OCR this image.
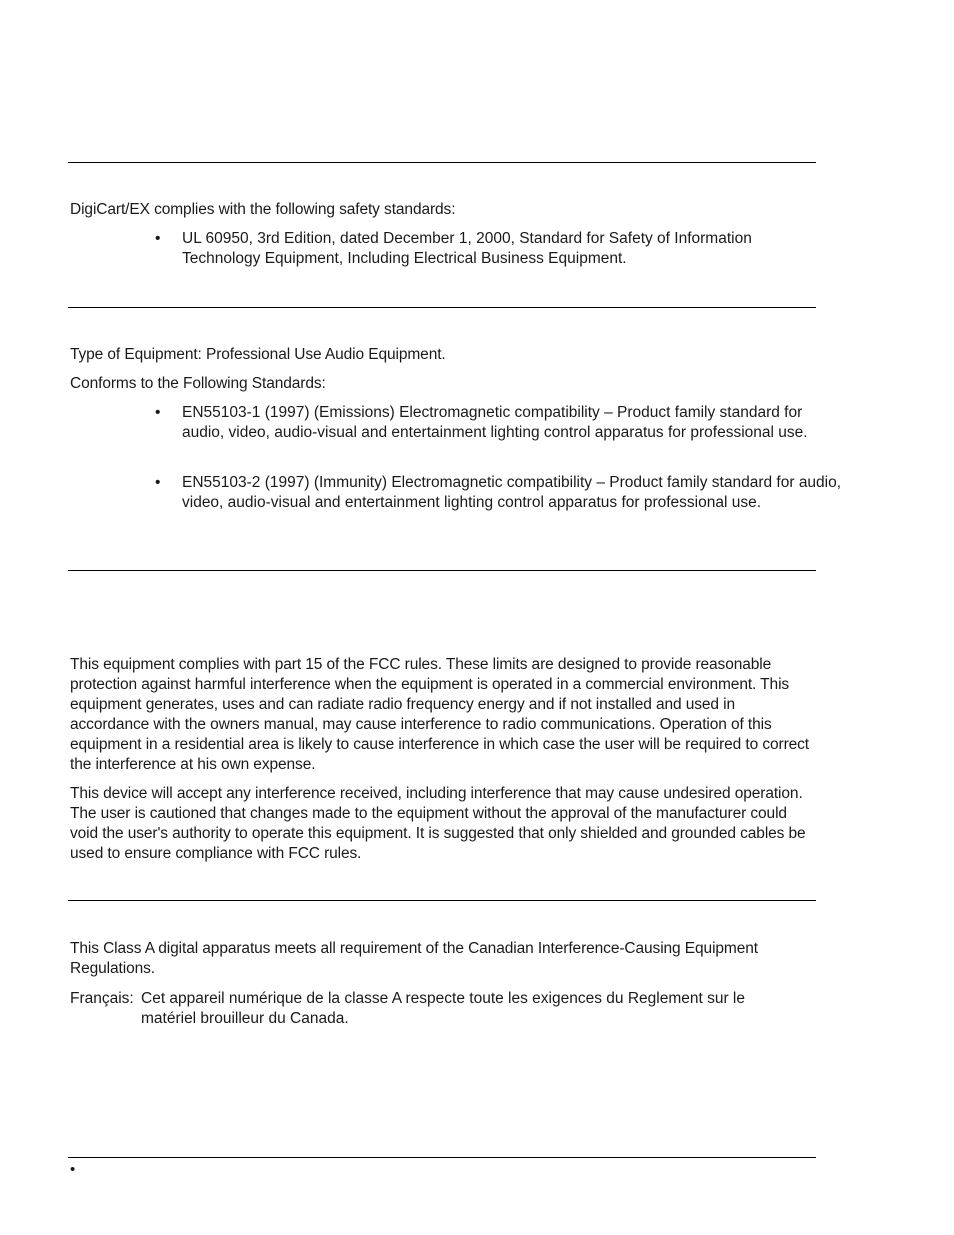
DigiCart/EX complies with the following safety standards:

• UL 60950, 3rd Edition, dated December 1, 2000, Standard for Safety of Information Technology Equipment, Including Electrical Business Equipment.

Type of Equipment: Professional Use Audio Equipment.

Conforms to the Following Standards:

• EN55103-1 (1997) (Emissions) Electromagnetic compatibility – Product family standard for audio, video, audio-visual and entertainment lighting control apparatus for professional use.
• EN55103-2 (1997) (Immunity) Electromagnetic compatibility – Product family standard for audio, video, audio-visual and entertainment lighting control apparatus for professional use.

This equipment complies with part 15 of the FCC rules. These limits are designed to provide reasonable protection against harmful interference when the equipment is operated in a commercial environment. This equipment generates, uses and can radiate radio frequency energy and if not installed and used in accordance with the owners manual, may cause interference to radio communications. Operation of this equipment in a residential area is likely to cause interference in which case the user will be required to correct the interference at his own expense.

This device will accept any interference received, including interference that may cause undesired operation. The user is cautioned that changes made to the equipment without the approval of the manufacturer could void the user's authority to operate this equipment. It is suggested that only shielded and grounded cables be used to ensure compliance with FCC rules.

This Class A digital apparatus meets all requirement of the Canadian Interference-Causing Equipment Regulations.

Français: Cet appareil numérique de la classe A respecte toute les exigences du Reglement sur le matériel brouilleur du Canada.
•
